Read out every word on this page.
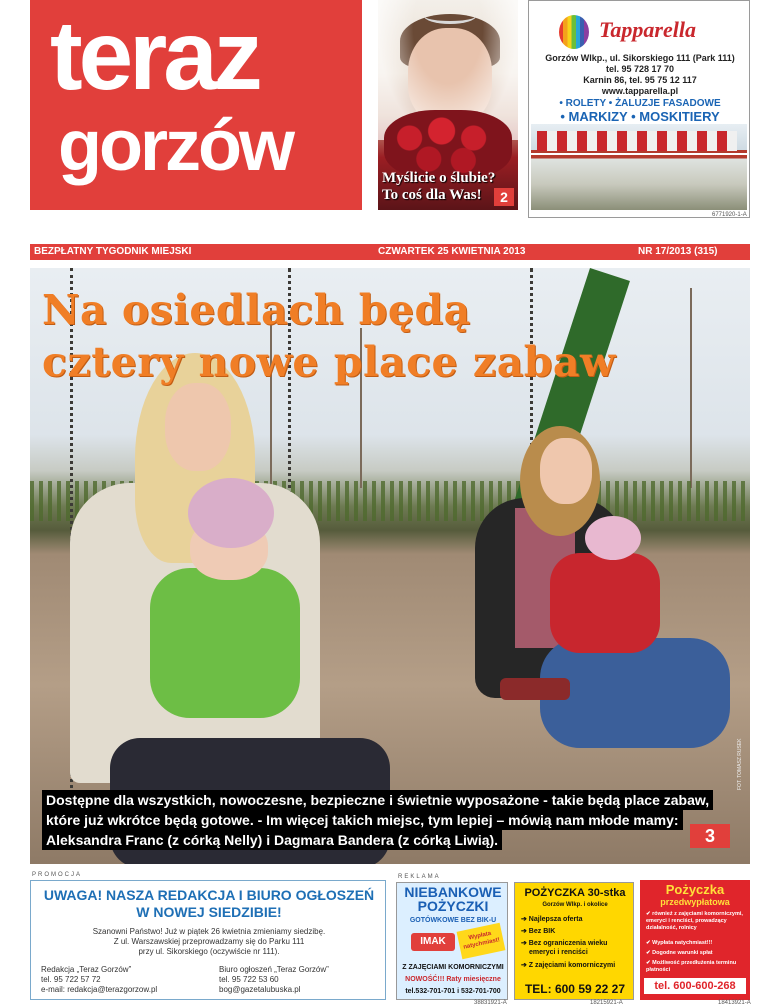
teraz
gorzów	Myślicie o ślubie?
To coś dla Was!	2
Tapparella
Gorzów Wlkp., ul. Sikorskiego 111 (Park 111)
tel. 95 728 17 70
Karnin 86, tel. 95 75 12 117
www.tapparella.pl
• ROLETY • ŻALUZJE FASADOWE
• MARKIZY • MOSKITIERY
6771920-1-A
BEZPŁATNY TYGODNIK MIEJSKI	CZWARTEK 25 KWIETNIA 2013	NR 17/2013 (315)
Na osiedlach będą
cztery nowe place zabaw
Dostępne dla wszystkich, nowoczesne, bezpieczne i świetnie wyposażone - takie będą place zabaw,
które już wkrótce będą gotowe. - Im więcej takich miejsc, tym lepiej – mówią nam młode mamy:
Aleksandra Franc (z córką Nelly) i Dagmara Bandera (z córką Liwią).
FOT. TOMASZ RUSEK
3
PROMOCJA
UWAGA! NASZA REDAKCJA I BIURO OGŁOSZEŃ
W NOWEJ SIEDZIBIE!
Szanowni Państwo! Już w piątek 26 kwietnia zmieniamy siedzibę.
Z ul. Warszawskiej przeprowadzamy się do Parku 111
przy ul. Sikorskiego (oczywiście nr 111).
Redakcja „Teraz Gorzów”
tel. 95 722 57 72
e-mail: redakcja@terazgorzow.pl
Biuro ogłoszeń „Teraz Gorzów”
tel. 95 722 53 60
bog@gazetalubuska.pl
REKLAMA
NIEBANKOWE
POŻYCZKI
GOTÓWKOWE BEZ BIK-U
IMAK	Wypłata natychmiast!
Z ZAJĘCIAMI KOMORNICZYMI
NOWOŚĆ!!! Raty miesięczne
tel.532-701-701 i 532-701-700
38831921-A
POŻYCZKA 30-stka
Gorzów Wlkp. i okolice
➔ Najlepsza oferta
➔ Bez BIK
➔ Bez ograniczenia wieku
emeryci i renciści
➔ Z zajęciami komorniczymi
TEL: 600 59 22 27
18215921-A
Pożyczka
przedwypłatowa
✔ również z zajęciami komorniczymi, emeryci i renciści, prowadzący działalność, rolnicy
✔ Wypłata natychmiast!!!
✔ Dogodne warunki spłat
✔ Możliwość przedłużenia terminu płatności
tel. 600-600-268
18413921-A
